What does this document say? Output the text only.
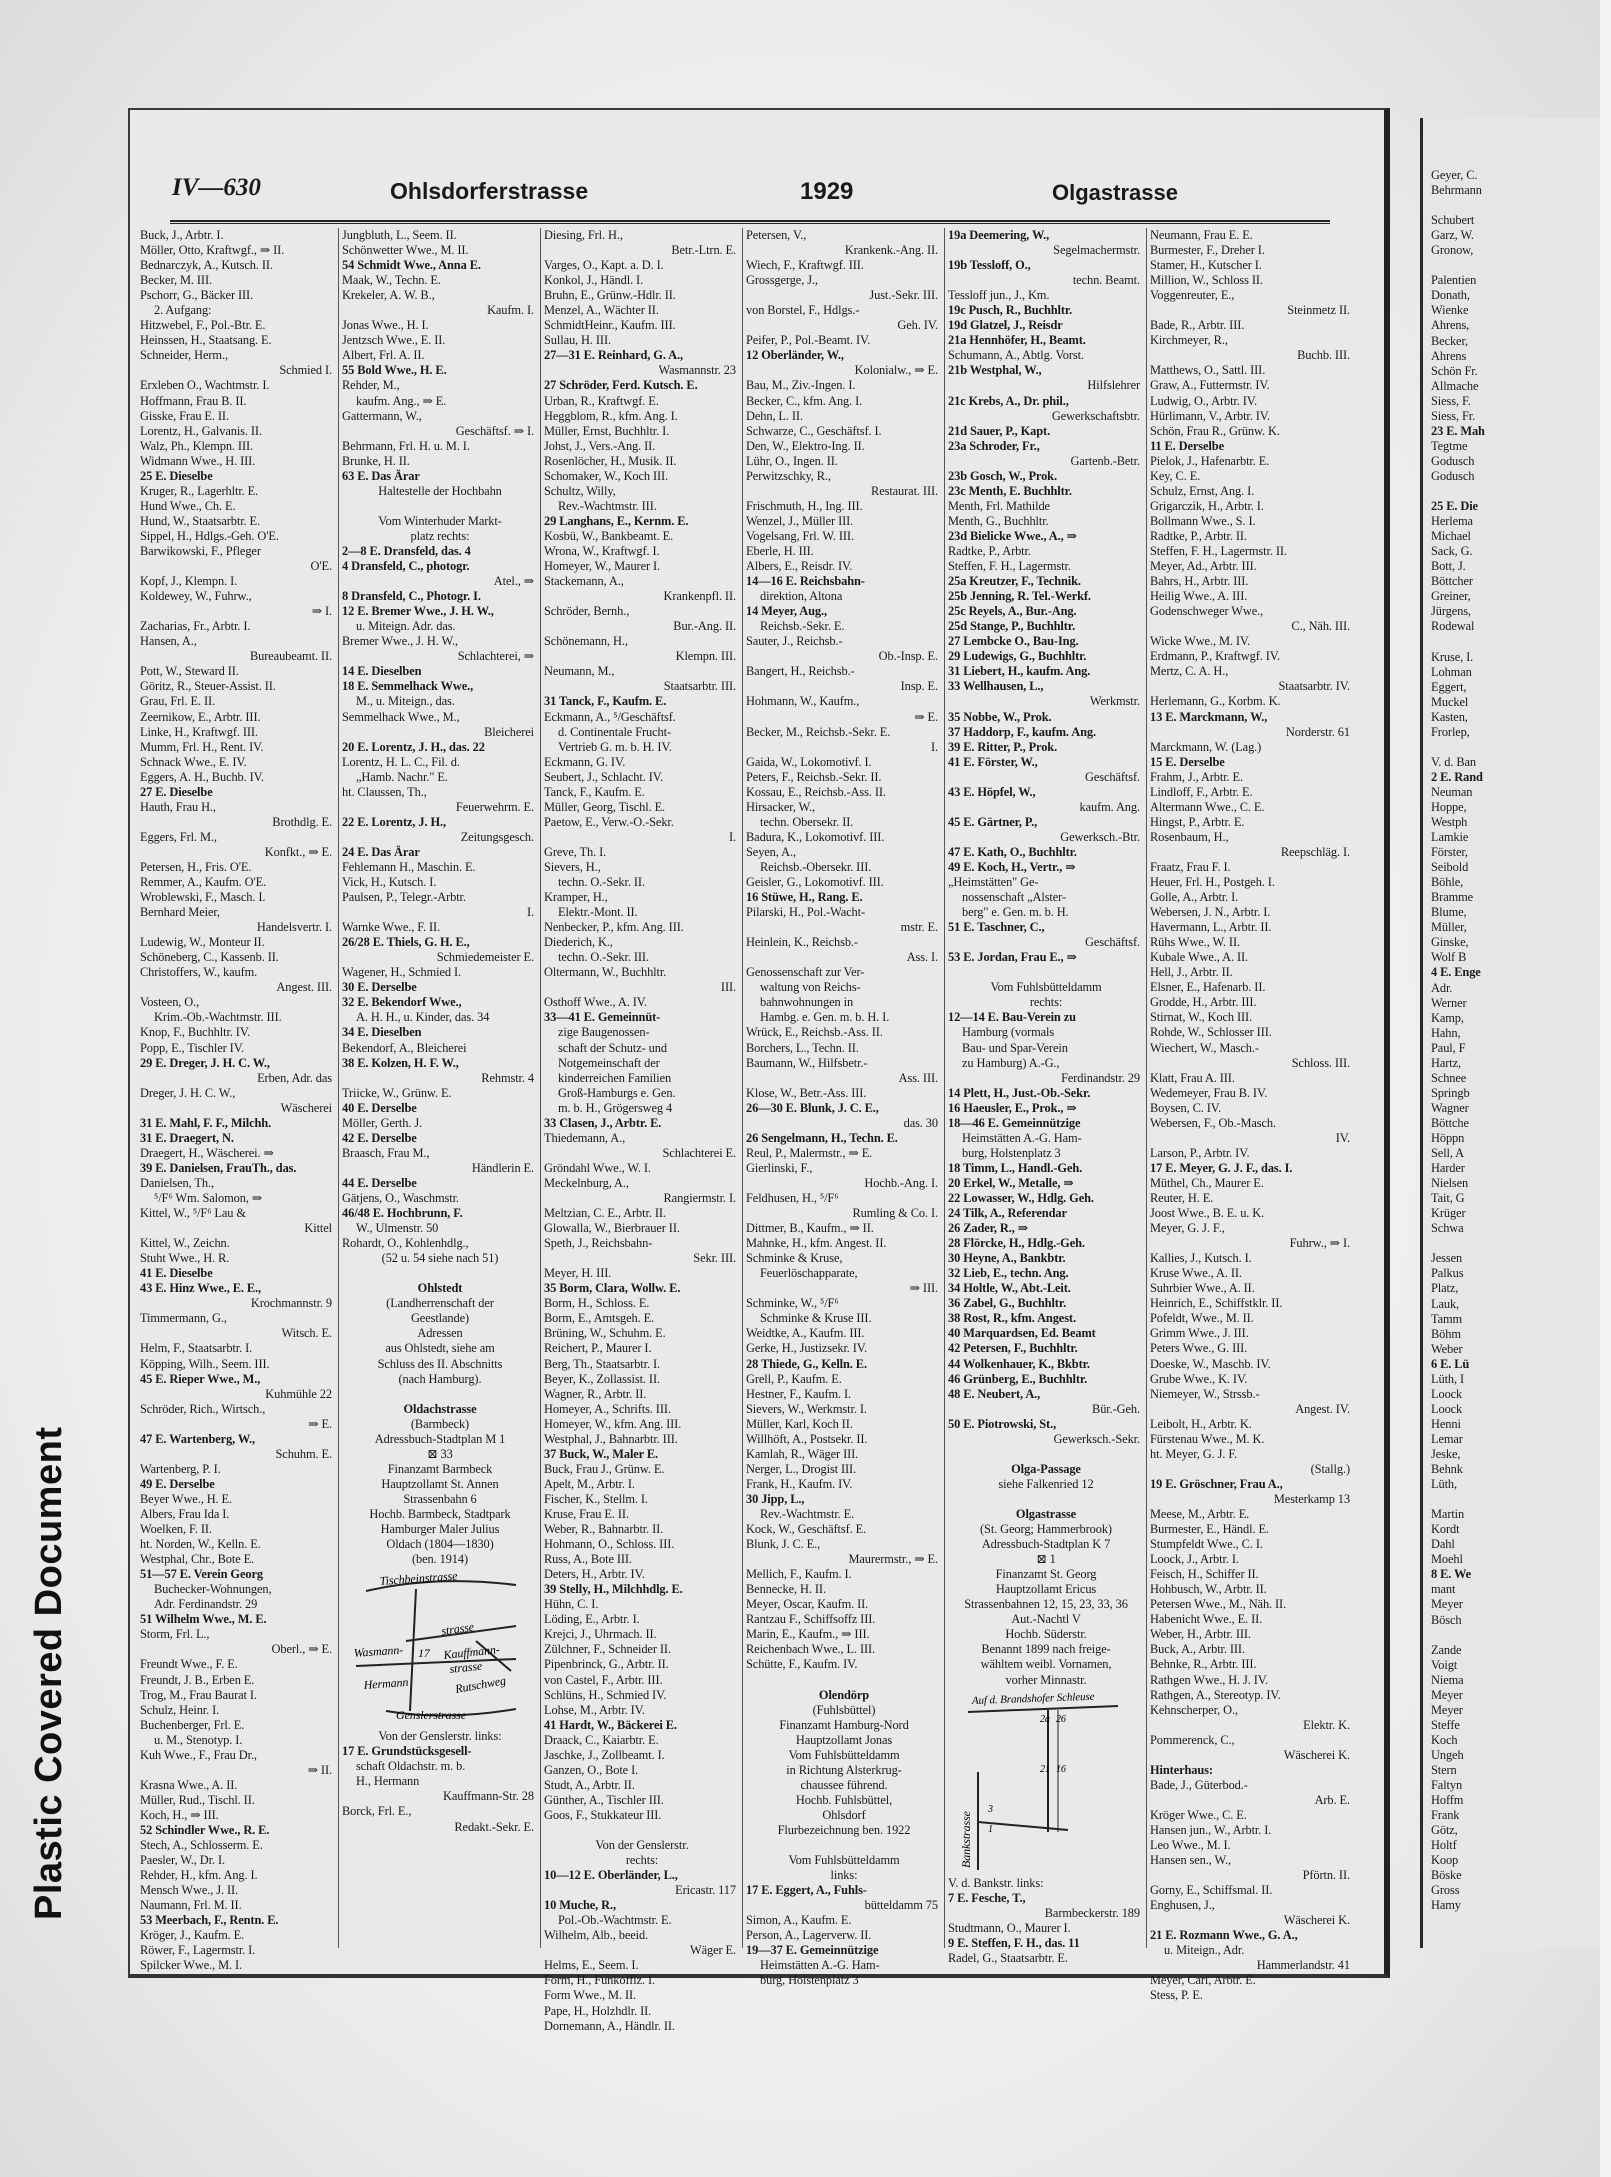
Plastic Covered Document
IV—630	Ohlsdorferstrasse	1929	Olgastrasse
Buck, J., Arbtr. I.
Möller, Otto, Kraftwgf., ⇒ II.
Bednarczyk, A., Kutsch. II.
Becker, M. III.
Pschorr, G., Bäcker III.
2. Aufgang:
Hitzwebel, F., Pol.-Btr. E.
Heinssen, H., Staatsang. E.
Schneider, Herm.,
Schmied I.
Erxleben O., Wachtmstr. I.
Hoffmann, Frau B. II.
Gisske, Frau E. II.
Lorentz, H., Galvanis. II.
Walz, Ph., Klempn. III.
Widmann Wwe., H. III.
25 E. Dieselbe
Kruger, R., Lagerhltr. E.
Hund Wwe., Ch. E.
Hund, W., Staatsarbtr. E.
Sippel, H., Hdlgs.-Geh. O'E.
Barwikowski, F., Pfleger
O'E.
Kopf, J., Klempn. I.
Koldewey, W., Fuhrw.,
⇒ I.
Zacharias, Fr., Arbtr. I.
Hansen, A.,
Bureaubeamt. II.
Pott, W., Steward II.
Göritz, R., Steuer-Assist. II.
Grau, Frl. E. II.
Zeernikow, E., Arbtr. III.
Linke, H., Kraftwgf. III.
Mumm, Frl. H., Rent. IV.
Schnack Wwe., E. IV.
Eggers, A. H., Buchb. IV.
27 E. Dieselbe
Hauth, Frau H.,
Brothdlg. E.
Eggers, Frl. M.,
Konfkt., ⇒ E.
Petersen, H., Fris. O'E.
Remmer, A., Kaufm. O'E.
Wroblewski, F., Masch. I.
Bernhard Meier,
Handelsvertr. I.
Ludewig, W., Monteur II.
Schöneberg, C., Kassenb. II.
Christoffers, W., kaufm.
Angest. III.
Vosteen, O.,
Krim.-Ob.-Wachtmstr. III.
Knop, F., Buchhltr. IV.
Popp, E., Tischler IV.
29 E. Dreger, J. H. C. W.,
Erben, Adr. das
Dreger, J. H. C. W.,
Wäscherei
31 E. Mahl, F. F., Milchh.
31 E. Draegert, N.
Draegert, H., Wäscherei. ⇒
39 E. Danielsen, FrauTh., das.
Danielsen, Th.,
⁵/F⁶ Wm. Salomon, ⇒
Kittel, W., ⁵/F⁶ Lau &
Kittel
Kittel, W., Zeichn.
Stuht Wwe., H. R.
41 E. Dieselbe
43 E. Hinz Wwe., E. E.,
Krochmannstr. 9
Timmermann, G.,
Witsch. E.
Helm, F., Staatsarbtr. I.
Köpping, Wilh., Seem. III.
45 E. Rieper Wwe., M.,
Kuhmühle 22
Schröder, Rich., Wirtsch.,
⇒ E.
47 E. Wartenberg, W.,
Schuhm. E.
Wartenberg, P. I.
49 E. Derselbe
Beyer Wwe., H. E.
Albers, Frau Ida I.
Woelken, F. II.
ht. Norden, W., Kelln. E.
Westphal, Chr., Bote E.
51—57 E. Verein Georg
Buchecker-Wohnungen,
Adr. Ferdinandstr. 29
51 Wilhelm Wwe., M. E.
Storm, Frl. L.,
Oberl., ⇒ E.
Freundt Wwe., F. E.
Freundt, J. B., Erben E.
Trog, M., Frau Baurat I.
Schulz, Heinr. I.
Buchenberger, Frl. E.
u. M., Stenotyp. I.
Kuh Wwe., F., Frau Dr.,
⇒ II.
Krasna Wwe., A. II.
Müller, Rud., Tischl. II.
Koch, H., ⇒ III.
52 Schindler Wwe., R. E.
Stech, A., Schlosserm. E.
Paesler, W., Dr. I.
Rehder, H., kfm. Ang. I.
Mensch Wwe., J. II.
Naumann, Frl. M. II.
53 Meerbach, F., Rentn. E.
Kröger, J., Kaufm. E.
Röwer, F., Lagermstr. I.
Spilcker Wwe., M. I.
Jungbluth, L., Seem. II.
Schönwetter Wwe., M. II.
54 Schmidt Wwe., Anna E.
Maak, W., Techn. E.
Krekeler, A. W. B.,
Kaufm. I.
Jonas Wwe., H. I.
Jentzsch Wwe., E. II.
Albert, Frl. A. II.
55 Bold Wwe., H. E.
Rehder, M.,
kaufm. Ang., ⇒ E.
Gattermann, W.,
Geschäftsf. ⇒ I.
Behrmann, Frl. H. u. M. I.
Brunke, H. II.
63 E. Das Ärar
Haltestelle der Hochbahn
Vom Winterhuder Markt-
platz rechts:
2—8 E. Dransfeld, das. 4
4 Dransfeld, C., photogr.
Atel., ⇒
8 Dransfeld, C., Photogr. I.
12 E. Bremer Wwe., J. H. W.,
u. Miteign. Adr. das.
Bremer Wwe., J. H. W.,
Schlachterei, ⇒
14 E. Dieselben
18 E. Semmelhack Wwe.,
M., u. Miteign., das.
Semmelhack Wwe., M.,
Bleicherei
20 E. Lorentz, J. H., das. 22
Lorentz, H. L. C., Fil. d.
„Hamb. Nachr." E.
ht. Claussen, Th.,
Feuerwehrm. E.
22 E. Lorentz, J. H.,
Zeitungsgesch.
24 E. Das Ärar
Fehlemann H., Maschin. E.
Vick, H., Kutsch. I.
Paulsen, P., Telegr.-Arbtr.
I.
Warnke Wwe., F. II.
26/28 E. Thiels, G. H. E.,
Schmiedemeister E.
Wagener, H., Schmied I.
30 E. Derselbe
32 E. Bekendorf Wwe.,
A. H. H., u. Kinder, das. 34
34 E. Dieselben
Bekendorf, A., Bleicherei
38 E. Kolzen, H. F. W.,
Rehmstr. 4
Triicke, W., Grünw. E.
40 E. Derselbe
Möller, Gerth. J.
42 E. Derselbe
Braasch, Frau M.,
Händlerin E.
44 E. Derselbe
Gätjens, O., Waschmstr.
46/48 E. Hochbrunn, F.
W., Ulmenstr. 50
Rohardt, O., Kohlenhdlg.,
(52 u. 54 siehe nach 51)
Ohlstedt
(Landherrenschaft der
Geestlande)
Adressen
aus Ohlstedt, siehe am
Schluss des II. Abschnitts
(nach Hamburg).
Oldachstrasse
(Barmbeck)
Adressbuch-Stadtplan M 1
⊠ 33
Finanzamt Barmbeck
Hauptzollamt St. Annen
Strassenbahn 6
Hochb. Barmbeck, Stadtpark
Hamburger Maler Julius
Oldach (1804—1830)
(ben. 1914)
Tischbeinstrasse
Wasmann-
strasse
Hermann
Kauffmann-
strasse
Rutschweg
Genslerstrasse
17
Von der Genslerstr. links:
17 E. Grundstücksgesell-
schaft Oldachstr. m. b.
H., Hermann
Kauffmann-Str. 28
Borck, Frl. E.,
Redakt.-Sekr. E.
Diesing, Frl. H.,
Betr.-Ltrn. E.
Varges, O., Kapt. a. D. I.
Konkol, J., Händl. I.
Bruhn, E., Grünw.-Hdlr. II.
Menzel, A., Wächter II.
SchmidtHeinr., Kaufm. III.
Sullau, H. III.
27—31 E. Reinhard, G. A.,
Wasmannstr. 23
27 Schröder, Ferd. Kutsch. E.
Urban, R., Kraftwgf. E.
Heggblom, R., kfm. Ang. I.
Müller, Ernst, Buchhltr. I.
Johst, J., Vers.-Ang. II.
Rosenlöcher, H., Musik. II.
Schomaker, W., Koch III.
Schultz, Willy,
Rev.-Wachtmstr. III.
29 Langhans, E., Kernm. E.
Kosbü, W., Bankbeamt. E.
Wrona, W., Kraftwgf. I.
Homeyer, W., Maurer I.
Stackemann, A.,
Krankenpfl. II.
Schröder, Bernh.,
Bur.-Ang. II.
Schönemann, H.,
Klempn. III.
Neumann, M.,
Staatsarbtr. III.
31 Tanck, F., Kaufm. E.
Eckmann, A., ⁵/Geschäftsf.
d. Continentale Frucht-
Vertrieb G. m. b. H. IV.
Eckmann, G. IV.
Seubert, J., Schlacht. IV.
Tanck, F., Kaufm. E.
Müller, Georg, Tischl. E.
Paetow, E., Verw.-O.-Sekr.
I.
Greve, Th. I.
Sievers, H.,
techn. O.-Sekr. II.
Kramper, H.,
Elektr.-Mont. II.
Nenbecker, P., kfm. Ang. III.
Diederich, K.,
techn. O.-Sekr. III.
Oltermann, W., Buchhltr.
III.
Osthoff Wwe., A. IV.
33—41 E. Gemeinnüt-
zige Baugenossen-
schaft der Schutz- und
Notgemeinschaft der
kinderreichen Familien
Groß-Hamburgs e. Gen.
m. b. H., Grögersweg 4
33 Clasen, J., Arbtr. E.
Thiedemann, A.,
Schlachterei E.
Gröndahl Wwe., W. I.
Meckelnburg, A.,
Rangiermstr. I.
Meltzian, C. E., Arbtr. II.
Glowalla, W., Bierbrauer II.
Speth, J., Reichsbahn-
Sekr. III.
Meyer, H. III.
35 Borm, Clara, Wollw. E.
Borm, H., Schloss. E.
Borm, E., Amtsgeh. E.
Brüning, W., Schuhm. E.
Reichert, P., Maurer I.
Berg, Th., Staatsarbtr. I.
Beyer, K., Zollassist. II.
Wagner, R., Arbtr. II.
Homeyer, A., Schrifts. III.
Homeyer, W., kfm. Ang. III.
Westphal, J., Bahnarbtr. III.
37 Buck, W., Maler E.
Buck, Frau J., Grünw. E.
Apelt, M., Arbtr. I.
Fischer, K., Stellm. I.
Kruse, Frau E. II.
Weber, R., Bahnarbtr. II.
Hohmann, O., Schloss. III.
Russ, A., Bote III.
Deters, H., Arbtr. IV.
39 Stelly, H., Milchhdlg. E.
Hühn, C. I.
Löding, E., Arbtr. I.
Krejci, J., Uhrmach. II.
Zülchner, F., Schneider II.
Pipenbrinck, G., Arbtr. II.
von Castel, F., Arbtr. III.
Schlüns, H., Schmied IV.
Lohse, M., Arbtr. IV.
41 Hardt, W., Bäckerei E.
Draack, C., Kaiarbtr. E.
Jaschke, J., Zollbeamt. I.
Ganzen, O., Bote I.
Studt, A., Arbtr. II.
Günther, A., Tischler III.
Goos, F., Stukkateur III.
Von der Genslerstr.
rechts:
10—12 E. Oberländer, L.,
Ericastr. 117
10 Muche, R.,
Pol.-Ob.-Wachtmstr. E.
Wilhelm, Alb., beeid.
Wäger E.
Helms, E., Seem. I.
Form, H., Funkoffiz. I.
Form Wwe., M. II.
Pape, H., Holzhdlr. II.
Dornemann, A., Händlr. II.
Petersen, V.,
Krankenk.-Ang. II.
Wiech, F., Kraftwgf. III.
Grossgerge, J.,
Just.-Sekr. III.
von Borstel, F., Hdlgs.-
Geh. IV.
Peifer, P., Pol.-Beamt. IV.
12 Oberländer, W.,
Kolonialw., ⇒ E.
Bau, M., Ziv.-Ingen. I.
Becker, C., kfm. Ang. I.
Dehn, L. II.
Schwarze, C., Geschäftsf. I.
Den, W., Elektro-Ing. II.
Lühr, O., Ingen. II.
Perwitzschky, R.,
Restaurat. III.
Frischmuth, H., Ing. III.
Wenzel, J., Müller III.
Vogelsang, Frl. W. III.
Eberle, H. III.
Albers, E., Reisdr. IV.
14—16 E. Reichsbahn-
direktion, Altona
14 Meyer, Aug.,
Reichsb.-Sekr. E.
Sauter, J., Reichsb.-
Ob.-Insp. E.
Bangert, H., Reichsb.-
Insp. E.
Hohmann, W., Kaufm.,
⇒ E.
Becker, M., Reichsb.-Sekr. E.
I.
Gaida, W., Lokomotivf. I.
Peters, F., Reichsb.-Sekr. II.
Kossau, E., Reichsb.-Ass. II.
Hirsacker, W.,
techn. Obersekr. II.
Badura, K., Lokomotivf. III.
Seyen, A.,
Reichsb.-Obersekr. III.
Geisler, G., Lokomotivf. III.
16 Stüwe, H., Rang. E.
Pilarski, H., Pol.-Wacht-
mstr. E.
Heinlein, K., Reichsb.-
Ass. I.
Genossenschaft zur Ver-
waltung von Reichs-
bahnwohnungen in
Hambg. e. Gen. m. b. H. I.
Wrück, E., Reichsb.-Ass. II.
Borchers, L., Techn. II.
Baumann, W., Hilfsbetr.-
Ass. III.
Klose, W., Betr.-Ass. III.
26—30 E. Blunk, J. C. E.,
das. 30
26 Sengelmann, H., Techn. E.
Reul, P., Malermstr., ⇒ E.
Gierlinski, F.,
Hochb.-Ang. I.
Feldhusen, H., ⁵/F⁶
Rumling & Co. I.
Dittmer, B., Kaufm., ⇒ II.
Mahnke, H., kfm. Angest. II.
Schminke & Kruse,
Feuerlöschapparate,
⇒ III.
Schminke, W., ⁵/F⁶
Schminke & Kruse III.
Weidtke, A., Kaufm. III.
Gerke, H., Justizsekr. IV.
28 Thiede, G., Kelln. E.
Grell, P., Kaufm. E.
Hestner, F., Kaufm. I.
Sievers, W., Werkmstr. I.
Müller, Karl, Koch II.
Willhöft, A., Postsekr. II.
Kamlah, R., Wäger III.
Nerger, L., Drogist III.
Frank, H., Kaufm. IV.
30 Jipp, L.,
Rev.-Wachtmstr. E.
Kock, W., Geschäftsf. E.
Blunk, J. C. E.,
Maurermstr., ⇒ E.
Mellich, F., Kaufm. I.
Bennecke, H. II.
Meyer, Oscar, Kaufm. II.
Rantzau F., Schiffsoffz III.
Marin, E., Kaufm., ⇒ III.
Reichenbach Wwe., L. III.
Schütte, F., Kaufm. IV.
Olendörp
(Fuhlsbüttel)
Finanzamt Hamburg-Nord
Hauptzollamt Jonas
Vom Fuhlsbütteldamm
in Richtung Alsterkrug-
chaussee führend.
Hochb. Fuhlsbüttel,
Ohlsdorf
Flurbezeichnung ben. 1922
Vom Fuhlsbütteldamm
links:
17 E. Eggert, A., Fuhls-
bütteldamm 75
Simon, A., Kaufm. E.
Person, A., Lagerverw. II.
19—37 E. Gemeinnützige
Heimstätten A.-G. Ham-
burg, Holstenplatz 3
19a Deemering, W.,
Segelmachermstr.
19b Tessloff, O.,
techn. Beamt.
Tessloff jun., J., Km.
19c Pusch, R., Buchhltr.
19d Glatzel, J., Reisdr
21a Hennhöfer, H., Beamt.
Schumann, A., Abtlg. Vorst.
21b Westphal, W.,
Hilfslehrer
21c Krebs, A., Dr. phil.,
Gewerkschaftsbtr.
21d Sauer, P., Kapt.
23a Schroder, Fr.,
Gartenb.-Betr.
23b Gosch, W., Prok.
23c Menth, E. Buchhltr.
Menth, Frl. Mathilde
Menth, G., Buchhltr.
23d Bielicke Wwe., A., ⇒
Radtke, P., Arbtr.
Steffen, F. H., Lagermstr.
25a Kreutzer, F., Technik.
25b Jenning, R. Tel.-Werkf.
25c Reyels, A., Bur.-Ang.
25d Stange, P., Buchhltr.
27 Lembcke O., Bau-Ing.
29 Ludewigs, G., Buchhltr.
31 Liebert, H., kaufm. Ang.
33 Wellhausen, L.,
Werkmstr.
35 Nobbe, W., Prok.
37 Haddorp, F., kaufm. Ang.
39 E. Ritter, P., Prok.
41 E. Förster, W.,
Geschäftsf.
43 E. Höpfel, W.,
kaufm. Ang.
45 E. Gärtner, P.,
Gewerksch.-Btr.
47 E. Kath, O., Buchhltr.
49 E. Koch, H., Vertr., ⇒
„Heimstätten" Ge-
nossenschaft „Alster-
berg" e. Gen. m. b. H.
51 E. Taschner, C.,
Geschäftsf.
53 E. Jordan, Frau E., ⇒
Vom Fuhlsbütteldamm
rechts:
12—14 E. Bau-Verein zu
Hamburg (vormals
Bau- und Spar-Verein
zu Hamburg) A.-G.,
Ferdinandstr. 29
14 Plett, H., Just.-Ob.-Sekr.
16 Haeusler, E., Prok., ⇒
18—46 E. Gemeinnützige
Heimstätten A.-G. Ham-
burg, Holstenplatz 3
18 Timm, L., Handl.-Geh.
20 Erkel, W., Metalle, ⇒
22 Lowasser, W., Hdlg. Geh.
24 Tilk, A., Referendar
26 Zader, R., ⇒
28 Flörcke, H., Hdlg.-Geh.
30 Heyne, A., Bankbtr.
32 Lieb, E., techn. Ang.
34 Holtle, W., Abt.-Leit.
36 Zabel, G., Buchhltr.
38 Rost, R., kfm. Angest.
40 Marquardsen, Ed. Beamt
42 Petersen, F., Buchhltr.
44 Wolkenhauer, K., Bkbtr.
46 Grünberg, E., Buchhltr.
48 E. Neubert, A.,
Bür.-Geh.
50 E. Piotrowski, St.,
Gewerksch.-Sekr.
Olga-Passage
siehe Falkenried 12
Olgastrasse
(St. Georg; Hammerbrook)
Adressbuch-Stadtplan K 7
⊠ 1
Finanzamt St. Georg
Hauptzollamt Ericus
Strassenbahnen 12, 15, 23, 33, 36
Aut.-Nachtl V
Hochb. Süderstr.
Benannt 1899 nach freige-
wähltem weibl. Vornamen,
vorher Minnastr.
Auf d. Brandshofer Schleuse
Bankstrasse
2a 26
21 16
3
1
V. d. Bankstr. links:
7 E. Fesche, T.,
Barmbeckerstr. 189
Studtmann, O., Maurer I.
9 E. Steffen, F. H., das. 11
Radel, G., Staatsarbtr. E.
Neumann, Frau E. E.
Burmester, F., Dreher I.
Stamer, H., Kutscher I.
Million, W., Schloss II.
Voggenreuter, E.,
Steinmetz II.
Bade, R., Arbtr. III.
Kirchmeyer, R.,
Buchb. III.
Matthews, O., Sattl. III.
Graw, A., Futtermstr. IV.
Ludwig, O., Arbtr. IV.
Hürlimann, V., Arbtr. IV.
Schön, Frau R., Grünw. K.
11 E. Derselbe
Pielok, J., Hafenarbtr. E.
Key, C. E.
Schulz, Ernst, Ang. I.
Grigarczik, H., Arbtr. I.
Bollmann Wwe., S. I.
Radtke, P., Arbtr. II.
Steffen, F. H., Lagermstr. II.
Meyer, Ad., Arbtr. III.
Bahrs, H., Arbtr. III.
Heilig Wwe., A. III.
Godenschweger Wwe.,
C., Näh. III.
Wicke Wwe., M. IV.
Erdmann, P., Kraftwgf. IV.
Mertz, C. A. H.,
Staatsarbtr. IV.
Herlemann, G., Korbm. K.
13 E. Marckmann, W.,
Norderstr. 61
Marckmann, W. (Lag.)
15 E. Derselbe
Frahm, J., Arbtr. E.
Lindloff, F., Arbtr. E.
Altermann Wwe., C. E.
Hingst, P., Arbtr. E.
Rosenbaum, H.,
Reepschläg. I.
Fraatz, Frau F. I.
Heuer, Frl. H., Postgeh. I.
Golle, A., Arbtr. I.
Webersen, J. N., Arbtr. I.
Havermann, L., Arbtr. II.
Rühs Wwe., W. II.
Kubale Wwe., A. II.
Hell, J., Arbtr. II.
Elsner, E., Hafenarb. II.
Grodde, H., Arbtr. III.
Stirnat, W., Koch III.
Rohde, W., Schlosser III.
Wiechert, W., Masch.-
Schloss. III.
Klatt, Frau A. III.
Wedemeyer, Frau B. IV.
Boysen, C. IV.
Webersen, F., Ob.-Masch.
IV.
Larson, P., Arbtr. IV.
17 E. Meyer, G. J. F., das. I.
Müthel, Ch., Maurer E.
Reuter, H. E.
Joost Wwe., B. E. u. K.
Meyer, G. J. F.,
Fuhrw., ⇒ I.
Kallies, J., Kutsch. I.
Kruse Wwe., A. II.
Suhrbier Wwe., A. II.
Heinrich, E., Schiffstklr. II.
Pofeldt, Wwe., M. II.
Grimm Wwe., J. III.
Peters Wwe., G. III.
Doeske, W., Maschb. IV.
Grube Wwe., K. IV.
Niemeyer, W., Strssb.-
Angest. IV.
Leibolt, H., Arbtr. K.
Fürstenau Wwe., M. K.
ht. Meyer, G. J. F.
(Stallg.)
19 E. Gröschner, Frau A.,
Mesterkamp 13
Meese, M., Arbtr. E.
Burmester, E., Händl. E.
Stumpfeldt Wwe., C. I.
Loock, J., Arbtr. I.
Feisch, H., Schiffer II.
Hohbusch, W., Arbtr. II.
Petersen Wwe., M., Näh. II.
Habenicht Wwe., E. II.
Weber, H., Arbtr. III.
Buck, A., Arbtr. III.
Behnke, R., Arbtr. III.
Rathgen Wwe., H. J. IV.
Rathgen, A., Stereotyp. IV.
Kehnscherper, O.,
Elektr. K.
Pommerenck, C.,
Wäscherei K.
Hinterhaus:
Bade, J., Güterbod.-
Arb. E.
Kröger Wwe., C. E.
Hansen jun., W., Arbtr. I.
Leo Wwe., M. I.
Hansen sen., W.,
Pförtn. II.
Gorny, E., Schiffsmal. II.
Enghusen, J.,
Wäscherei K.
21 E. Rozmann Wwe., G. A.,
u. Miteign., Adr.
Hammerlandstr. 41
Meyer, Carl, Arbtr. E.
Stess, P. E.
Geyer, C.
Behrmann
Schubert
Garz, W.
Gronow,
Palentien
Donath,
Wienke
Ahrens,
Becker,
Ahrens
Schön Fr.
Allmache
Siess, F.
Siess, Fr.
23 E. Mah
Tegtme
Godusch
Godusch
25 E. Die
Herlema
Michael
Sack, G.
Bott, J.
Böttcher
Greiner,
Jürgens,
Rodewal
Kruse, I.
Lohman
Eggert,
Muckel
Kasten,
Frorlep,
V. d. Ban
2 E. Rand
Neuman
Hoppe,
Westph
Lamkie
Förster,
Seibold
Böhle,
Bramme
Blume,
Müller,
Ginske,
Wolf B
4 E. Enge
Adr.
Werner
Kamp,
Hahn,
Paul, F
Hartz,
Schnee
Springb
Wagner
Böttche
Höppn
Sell, A
Harder
Nielsen
Tait, G
Krüger
Schwa
Jessen
Palkus
Platz,
Lauk,
Tamm
Böhm
Weber
6 E. Lü
Lüth, I
Loock
Loock
Henni
Lemar
Jeske,
Behnk
Lüth,
Martin
Kordt
Dahl
Moehl
8 E. We
mant
Meyer
Bösch
Zande
Voigt
Niema
Meyer
Meyer
Steffe
Koch
Ungeh
Stern
Faltyn
Hoffm
Frank
Götz,
Holtf
Koop
Böske
Gross
Hamy
